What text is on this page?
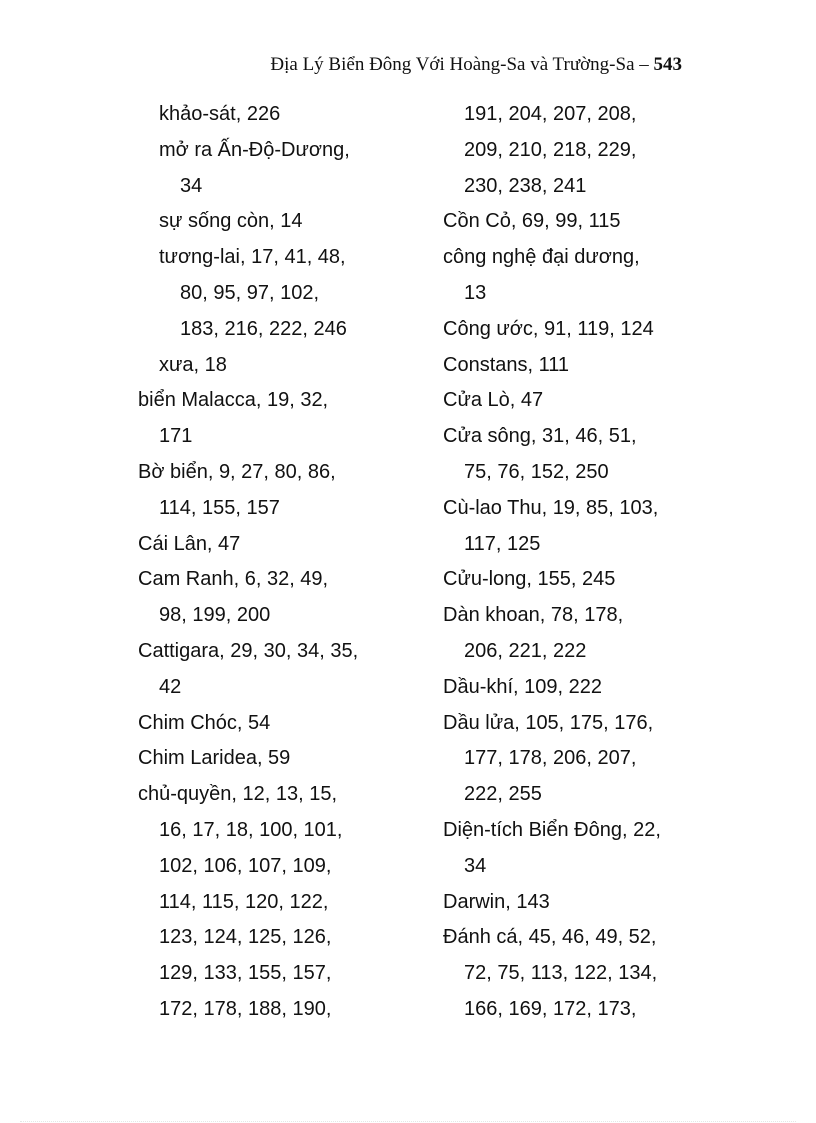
Địa Lý Biển Đông Với Hoàng-Sa và Trường-Sa – 543
khảo-sát, 226
mở ra Ấn-Độ-Dương,
34
sự sống còn, 14
tương-lai, 17, 41, 48,
80, 95, 97, 102,
183, 216, 222, 246
xưa, 18
biển Malacca, 19, 32,
171
Bờ biển, 9, 27, 80, 86,
114, 155, 157
Cái Lân, 47
Cam Ranh, 6, 32, 49,
98, 199, 200
Cattigara, 29, 30, 34, 35,
42
Chim Chóc, 54
Chim Laridea, 59
chủ-quyền, 12, 13, 15,
16, 17, 18, 100, 101,
102, 106, 107, 109,
114, 115, 120, 122,
123, 124, 125, 126,
129, 133, 155, 157,
172, 178, 188, 190,
191, 204, 207, 208,
209, 210, 218, 229,
230, 238, 241
Cồn Cỏ, 69, 99, 115
công nghệ đại dương,
13
Công ước, 91, 119, 124
Constans, 111
Cửa Lò, 47
Cửa sông, 31, 46, 51,
75, 76, 152, 250
Cù-lao Thu, 19, 85, 103,
117, 125
Cửu-long, 155, 245
Dàn khoan, 78, 178,
206, 221, 222
Dầu-khí, 109, 222
Dầu lửa, 105, 175, 176,
177, 178, 206, 207,
222, 255
Diện-tích Biển Đông, 22,
34
Darwin, 143
Đánh cá, 45, 46, 49, 52,
72, 75, 113, 122, 134,
166, 169, 172, 173,
